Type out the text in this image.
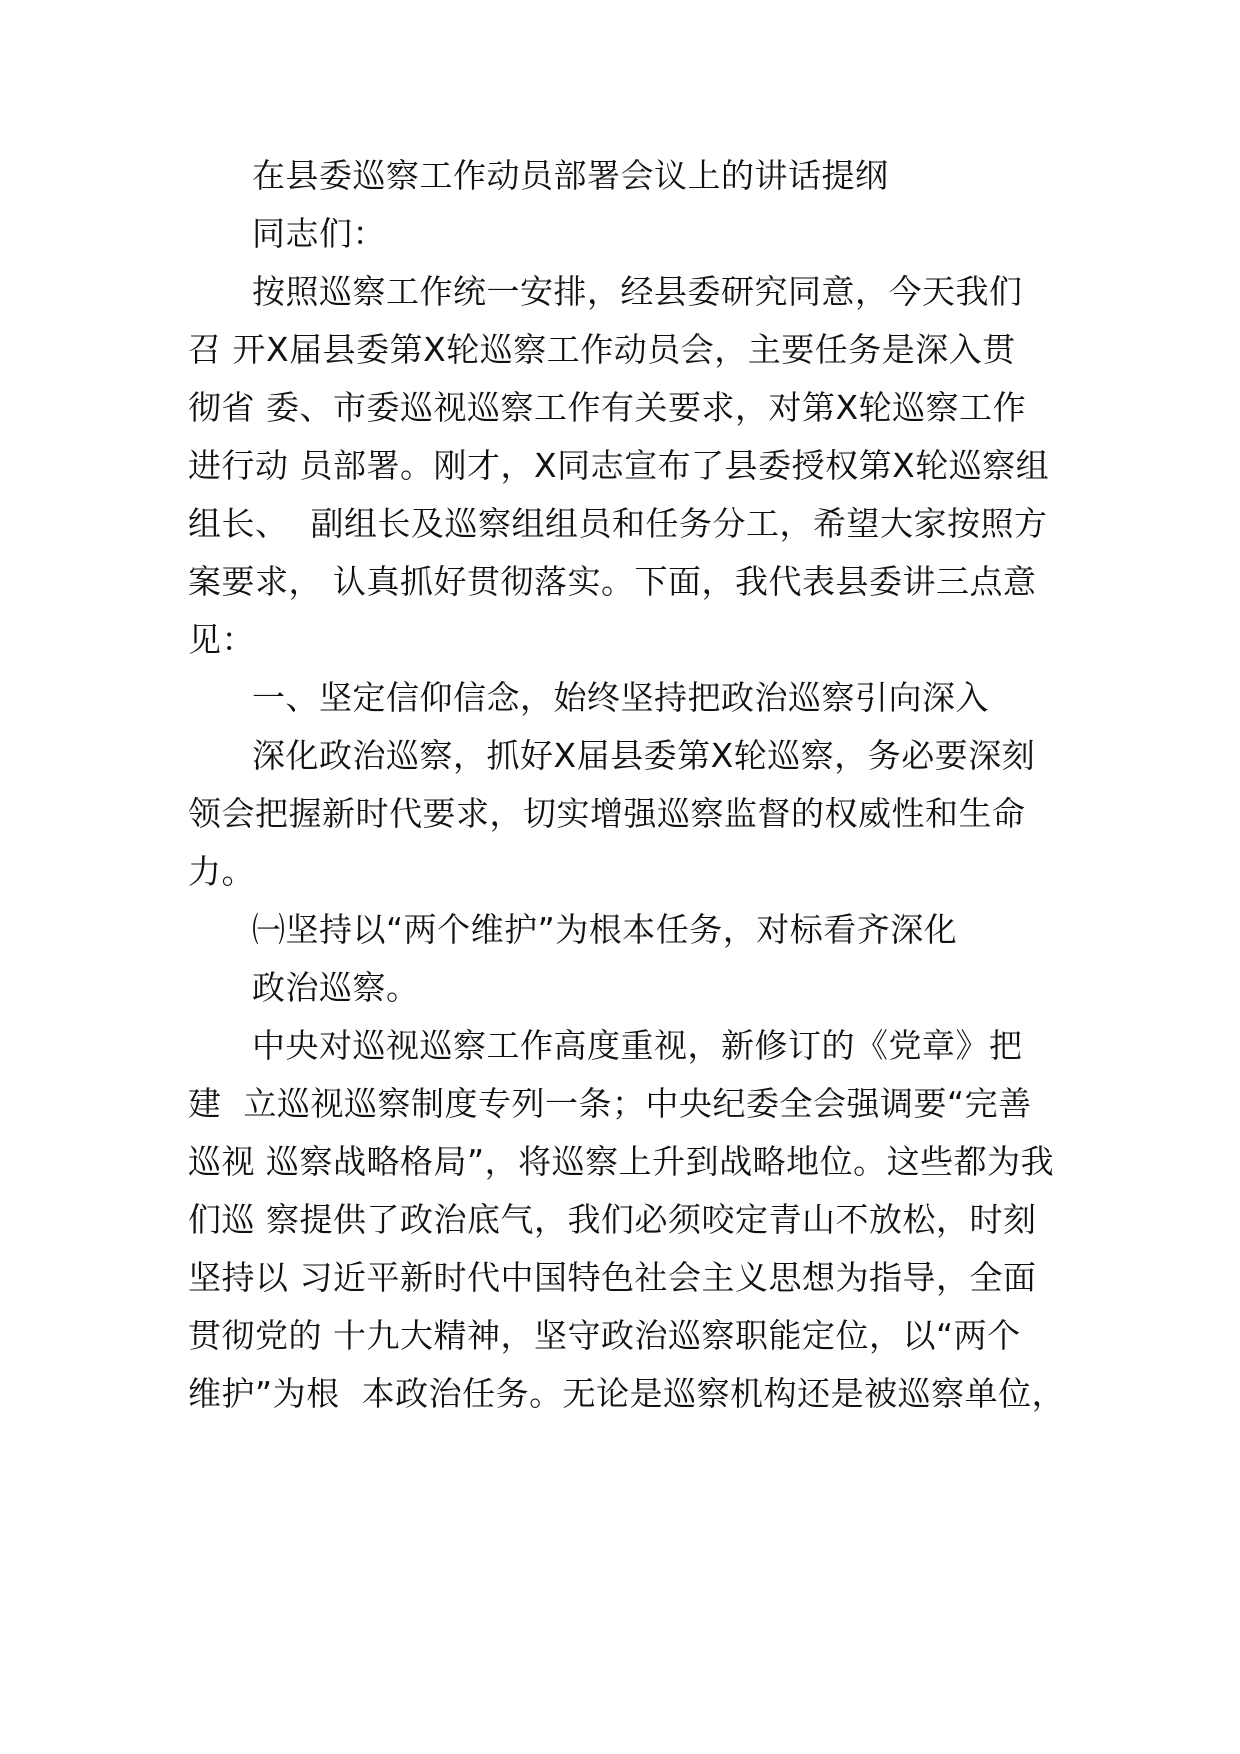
在县委巡察工作动员部署会议上的讲话提纲
同志们：
按照巡察工作统一安排，经县委研究同意，今天我们
召 开Ⅹ届县委第Ⅹ轮巡察工作动员会，主要任务是深入贯
彻省 委、市委巡视巡察工作有关要求，对第Ⅹ轮巡察工作
进行动 员部署。刚才，Ⅹ同志宣布了县委授权第Ⅹ轮巡察组
组长、  副组长及巡察组组员和任务分工，希望大家按照方
案要求， 认真抓好贯彻落实。下面，我代表县委讲三点意
见：
一、坚定信仰信念，始终坚持把政治巡察引向深入
深化政治巡察，抓好Ⅹ届县委第Ⅹ轮巡察，务必要深刻
领会把握新时代要求，切实增强巡察监督的权威性和生命
力。
㈠坚持以“两个维护”为根本任务，对标看齐深化
政治巡察。
中央对巡视巡察工作高度重视，新修订的《党章》把
建  立巡视巡察制度专列一条；中央纪委全会强调要“完善
巡视 巡察战略格局”，将巡察上升到战略地位。这些都为我
们巡 察提供了政治底气，我们必须咬定青山不放松，时刻
坚持以 习近平新时代中国特色社会主义思想为指导，全面
贯彻党的 十九大精神，坚守政治巡察职能定位，以“两个
维护”为根  本政治任务。无论是巡察机构还是被巡察单位，
